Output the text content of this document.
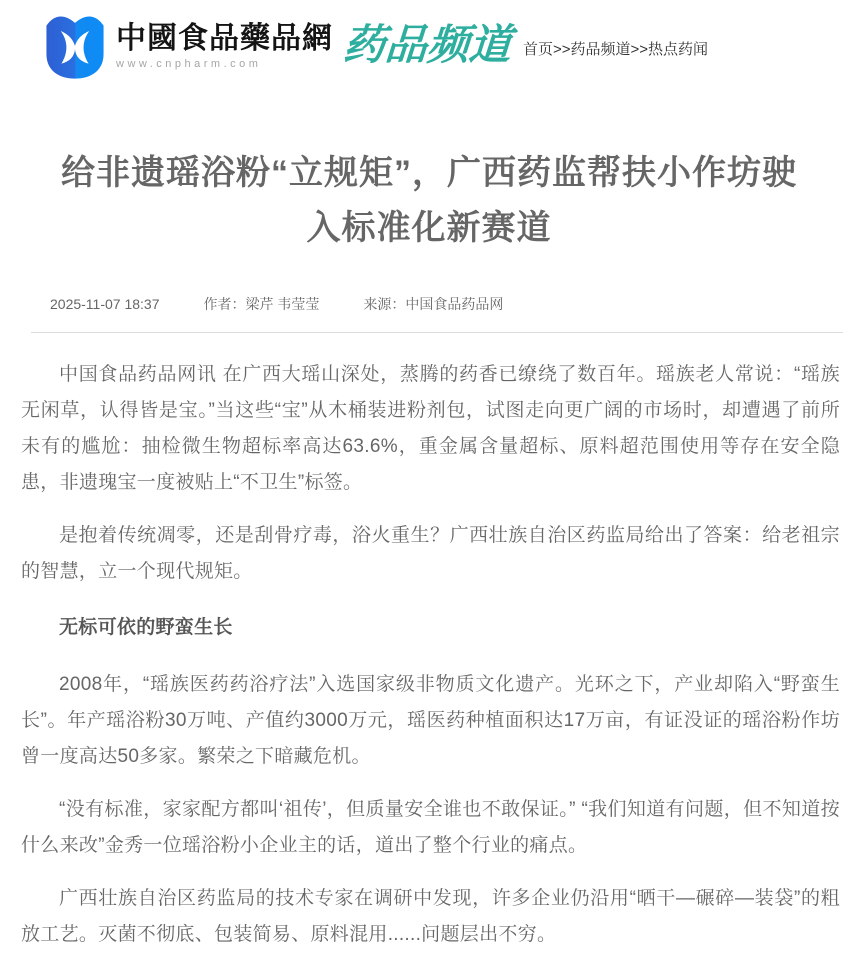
中國食品藥品網
www.cnpharm.com	药品频道 首页>>药品频道>>热点药闻
给非遗瑶浴粉“立规矩”，广西药监帮扶小作坊驶入标准化新赛道
2025-11-07 18:37	作者：梁芹 韦莹莹	来源：中国食品药品网

中国食品药品网讯 在广西大瑶山深处，蒸腾的药香已缭绕了数百年。瑶族老人常说：“瑶族无闲草，认得皆是宝。”当这些“宝”从木桶装进粉剂包，试图走向更广阔的市场时，却遭遇了前所未有的尴尬：抽检微生物超标率高达63.6%，重金属含量超标、原料超范围使用等存在安全隐患，非遗瑰宝一度被贴上“不卫生”标签。

是抱着传统凋零，还是刮骨疗毒，浴火重生？广西壮族自治区药监局给出了答案：给老祖宗的智慧，立一个现代规矩。

无标可依的野蛮生长

2008年，“瑶族医药药浴疗法”入选国家级非物质文化遗产。光环之下，产业却陷入“野蛮生长”。年产瑶浴粉30万吨、产值约3000万元，瑶医药种植面积达17万亩，有证没证的瑶浴粉作坊曾一度高达50多家。繁荣之下暗藏危机。

“没有标准，家家配方都叫‘祖传’，但质量安全谁也不敢保证。” “我们知道有问题，但不知道按什么来改”金秀一位瑶浴粉小企业主的话，道出了整个行业的痛点。

广西壮族自治区药监局的技术专家在调研中发现，许多企业仍沿用“晒干—碾碎—装袋”的粗放工艺。灭菌不彻底、包装简易、原料混用......问题层出不穷。
